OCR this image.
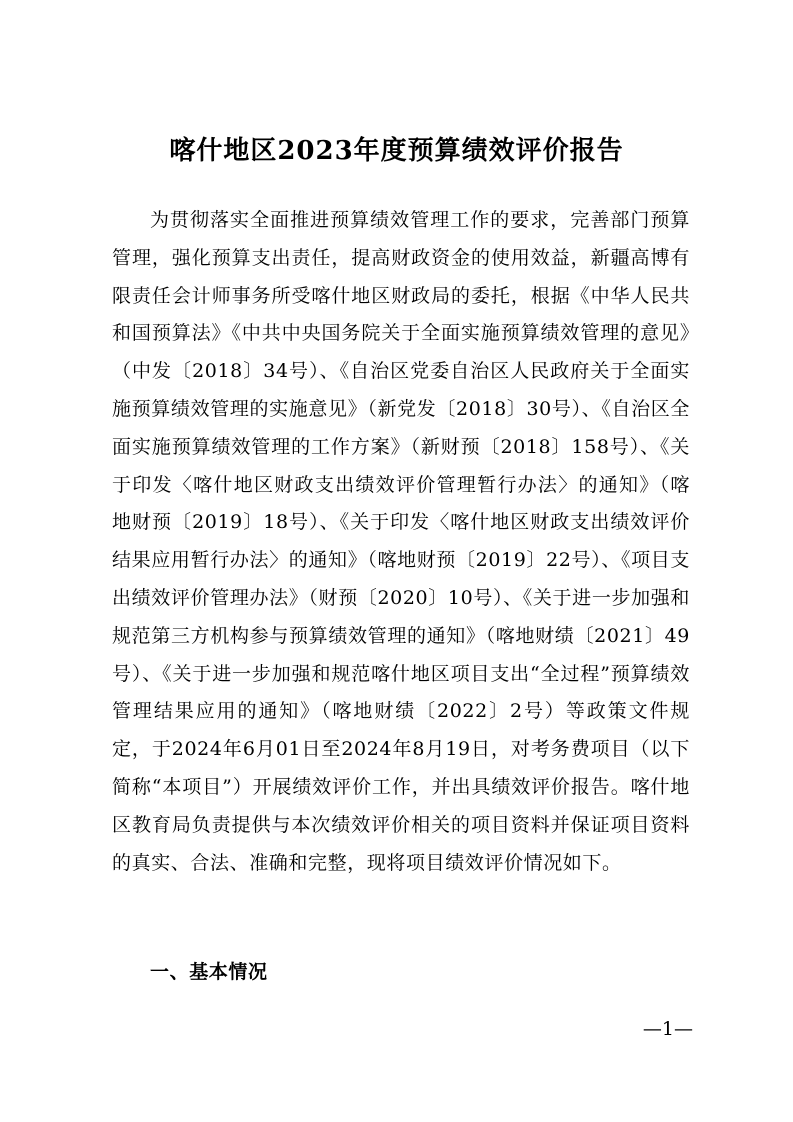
喀什地区2023年度预算绩效评价报告

为贯彻落实全面推进预算绩效管理工作的要求，完善部门预算管理，强化预算支出责任，提高财政资金的使用效益，新疆高博有限责任会计师事务所受喀什地区财政局的委托，根据《中华人民共和国预算法》《中共中央国务院关于全面实施预算绩效管理的意见》（中发〔2018〕34号）、《自治区党委自治区人民政府关于全面实施预算绩效管理的实施意见》（新党发〔2018〕30号）、《自治区全面实施预算绩效管理的工作方案》（新财预〔2018〕158号）、《关于印发〈喀什地区财政支出绩效评价管理暂行办法〉的通知》（喀地财预〔2019〕18号）、《关于印发〈喀什地区财政支出绩效评价结果应用暂行办法〉的通知》（喀地财预〔2019〕22号）、《项目支出绩效评价管理办法》（财预〔2020〕10号）、《关于进一步加强和规范第三方机构参与预算绩效管理的通知》（喀地财绩〔2021〕49号）、《关于进一步加强和规范喀什地区项目支出“全过程”预算绩效管理结果应用的通知》（喀地财绩〔2022〕2号）等政策文件规定，于2024年6月01日至2024年8月19日，对考务费项目（以下简称“本项目”）开展绩效评价工作，并出具绩效评价报告。喀什地区教育局负责提供与本次绩效评价相关的项目资料并保证项目资料的真实、合法、准确和完整，现将项目绩效评价情况如下。

一、基本情况
—1—
